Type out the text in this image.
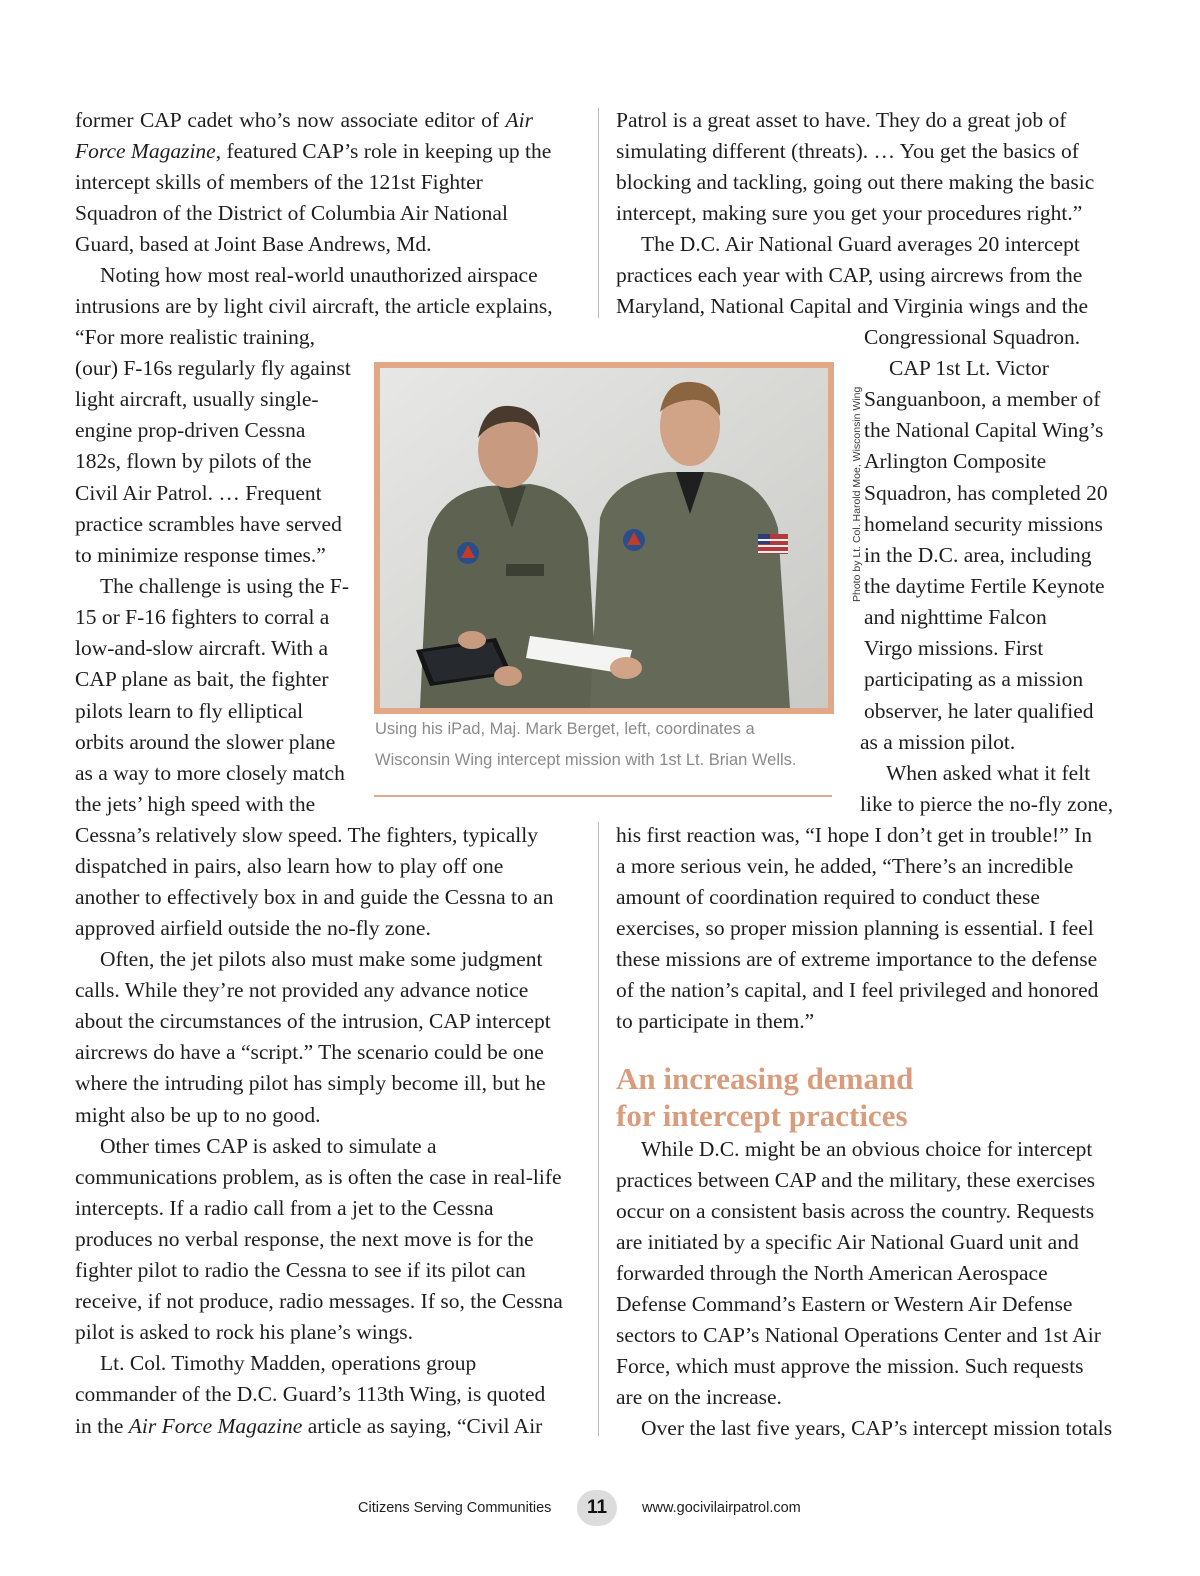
former CAP cadet who’s now associate editor of Air
Force Magazine, featured CAP’s role in keeping up the
intercept skills of members of the 121st Fighter
Squadron of the District of Columbia Air National
Guard, based at Joint Base Andrews, Md.
Noting how most real-world unauthorized airspace
intrusions are by light civil aircraft, the article explains,
“For more realistic training,
(our) F-16s regularly fly against
light aircraft, usually single-
engine prop-driven Cessna
182s, flown by pilots of the
Civil Air Patrol. … Frequent
practice scrambles have served
to minimize response times.”
The challenge is using the F-
15 or F-16 fighters to corral a
low-and-slow aircraft. With a
CAP plane as bait, the fighter
pilots learn to fly elliptical
orbits around the slower plane
as a way to more closely match
the jets’ high speed with the
Cessna’s relatively slow speed. The fighters, typically
dispatched in pairs, also learn how to play off one
another to effectively box in and guide the Cessna to an
approved airfield outside the no-fly zone.
Often, the jet pilots also must make some judgment
calls. While they’re not provided any advance notice
about the circumstances of the intrusion, CAP intercept
aircrews do have a “script.” The scenario could be one
where the intruding pilot has simply become ill, but he
might also be up to no good.
Other times CAP is asked to simulate a
communications problem, as is often the case in real-life
intercepts. If a radio call from a jet to the Cessna
produces no verbal response, the next move is for the
fighter pilot to radio the Cessna to see if its pilot can
receive, if not produce, radio messages. If so, the Cessna
pilot is asked to rock his plane’s wings.
Lt. Col. Timothy Madden, operations group
commander of the D.C. Guard’s 113th Wing, is quoted
in the Air Force Magazine article as saying, “Civil Air
Patrol is a great asset to have. They do a great job of
simulating different (threats). … You get the basics of
blocking and tackling, going out there making the basic
intercept, making sure you get your procedures right.”
The D.C. Air National Guard averages 20 intercept
practices each year with CAP, using aircrews from the
Maryland, National Capital and Virginia wings and the
Congressional Squadron.
CAP 1st Lt. Victor
Sanguanboon, a member of
the National Capital Wing’s
Arlington Composite
Squadron, has completed 20
homeland security missions
in the D.C. area, including
the daytime Fertile Keynote
and nighttime Falcon
Virgo missions. First
participating as a mission
observer, he later qualified
as a mission pilot.
When asked what it felt
like to pierce the no-fly zone,
his first reaction was, “I hope I don’t get in trouble!” In
a more serious vein, he added, “There’s an incredible
amount of coordination required to conduct these
exercises, so proper mission planning is essential. I feel
these missions are of extreme importance to the defense
of the nation’s capital, and I feel privileged and honored
to participate in them.”
An increasing demand
for intercept practices
While D.C. might be an obvious choice for intercept
practices between CAP and the military, these exercises
occur on a consistent basis across the country. Requests
are initiated by a specific Air National Guard unit and
forwarded through the North American Aerospace
Defense Command’s Eastern or Western Air Defense
sectors to CAP’s National Operations Center and 1st Air
Force, which must approve the mission. Such requests
are on the increase.
Over the last five years, CAP’s intercept mission totals
Photo by Lt. Col. Harold Moe, Wisconsin Wing
Using his iPad, Maj. Mark Berget, left, coordinates a
Wisconsin Wing intercept mission with 1st Lt. Brian Wells.
Citizens Serving Communities	11	www.gocivilairpatrol.com
